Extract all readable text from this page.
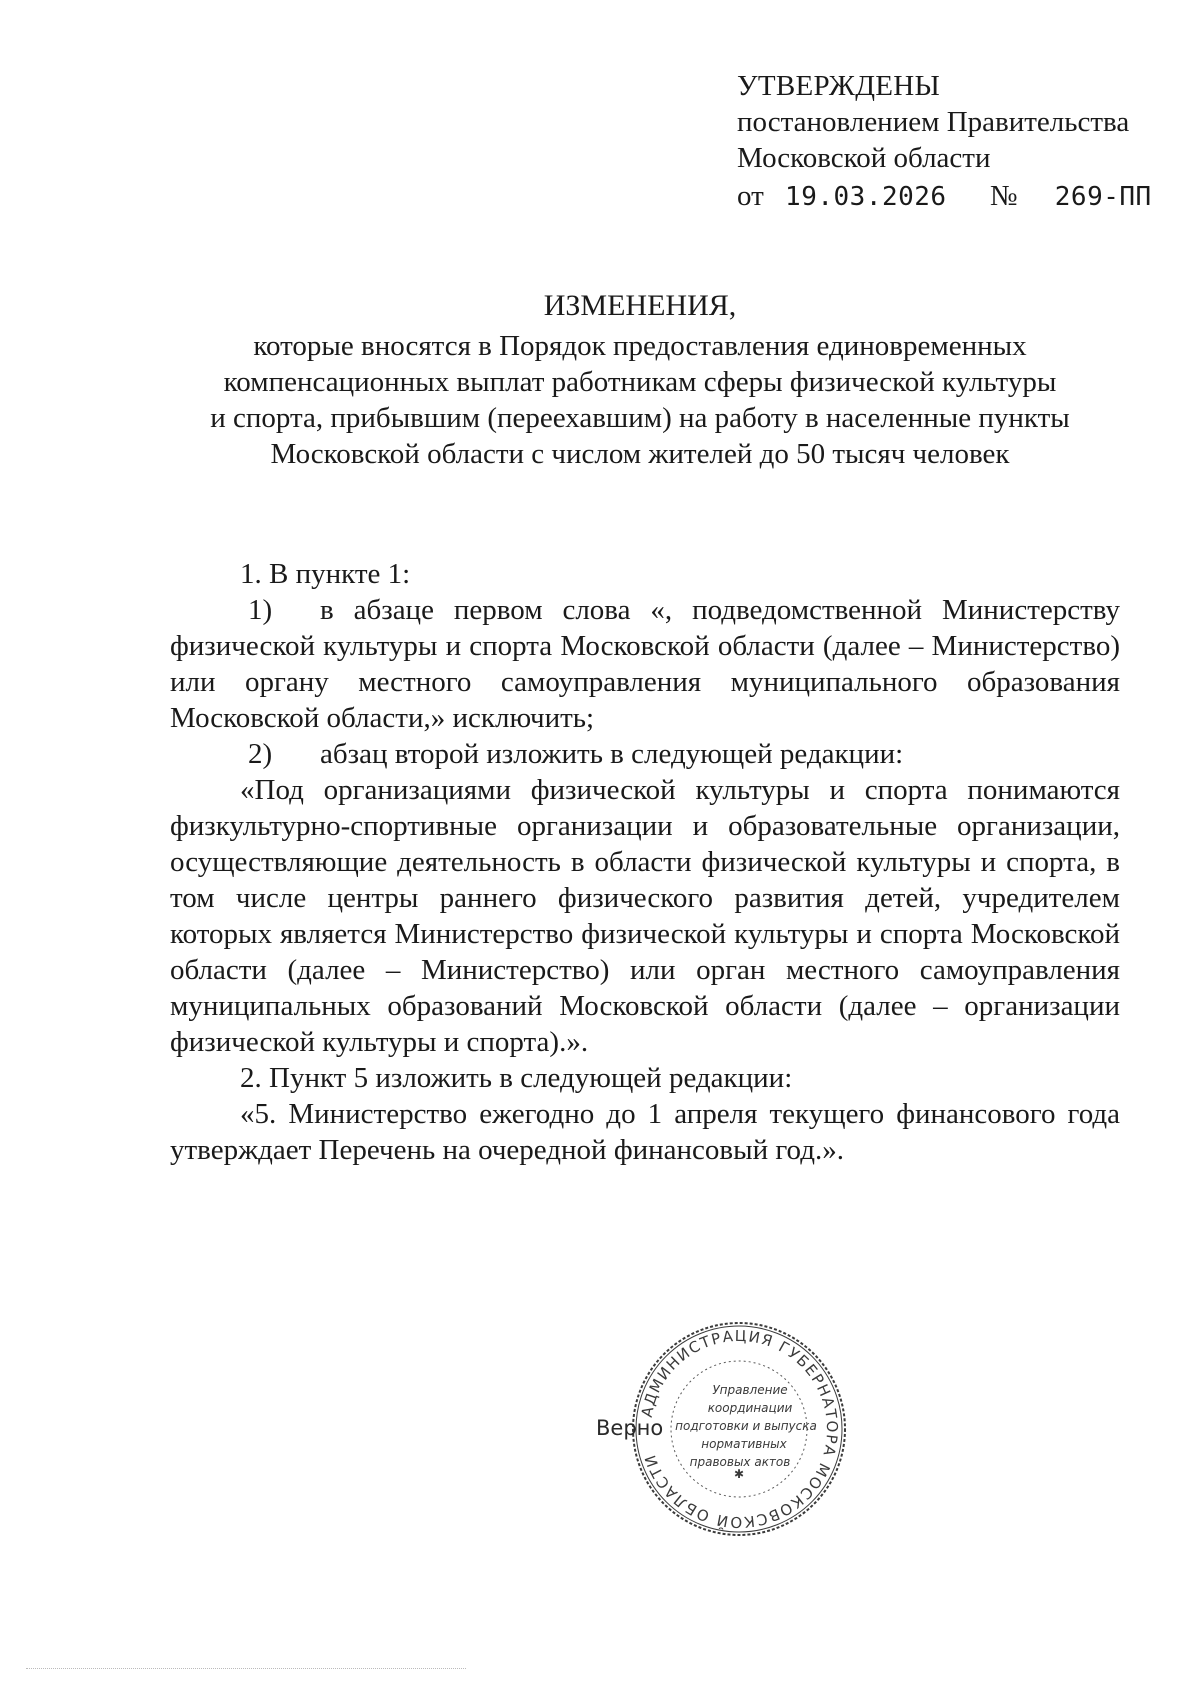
УТВЕРЖДЕНЫ
постановлением Правительства
Московской области
от 19.03.2026 № 269-ПП
ИЗМЕНЕНИЯ,
которые вносятся в Порядок предоставления единовременных
компенсационных выплат работникам сферы физической культуры
и спорта, прибывшим (переехавшим) на работу в населенные пункты
Московской области с числом жителей до 50 тысяч человек

1. В пункте 1:

1) в абзаце первом слова «, подведомственной Министерству физической культуры и спорта Московской области (далее – Министерство) или органу местного самоуправления муниципального образования Московской области,» исключить;

2) абзац второй изложить в следующей редакции:

«Под организациями физической культуры и спорта понимаются физкультурно-спортивные организации и образовательные организации, осуществляющие деятельность в области физической культуры и спорта, в том числе центры раннего физического развития детей, учредителем которых является Министерство физической культуры и спорта Московской области (далее – Министерство) или орган местного самоуправления муниципальных образований Московской области (далее – организации физической культуры и спорта).».

2. Пункт 5 изложить в следующей редакции:

«5. Министерство ежегодно до 1 апреля текущего финансового года утверждает Перечень на очередной финансовый год.».

АДМИНИСТРАЦИЯ ГУБЕРНАТОРА МОСКОВСКОЙ ОБЛАСТИ
✱
Управление
координации
подготовки и выпуска
нормативных
правовых актов
Верно
